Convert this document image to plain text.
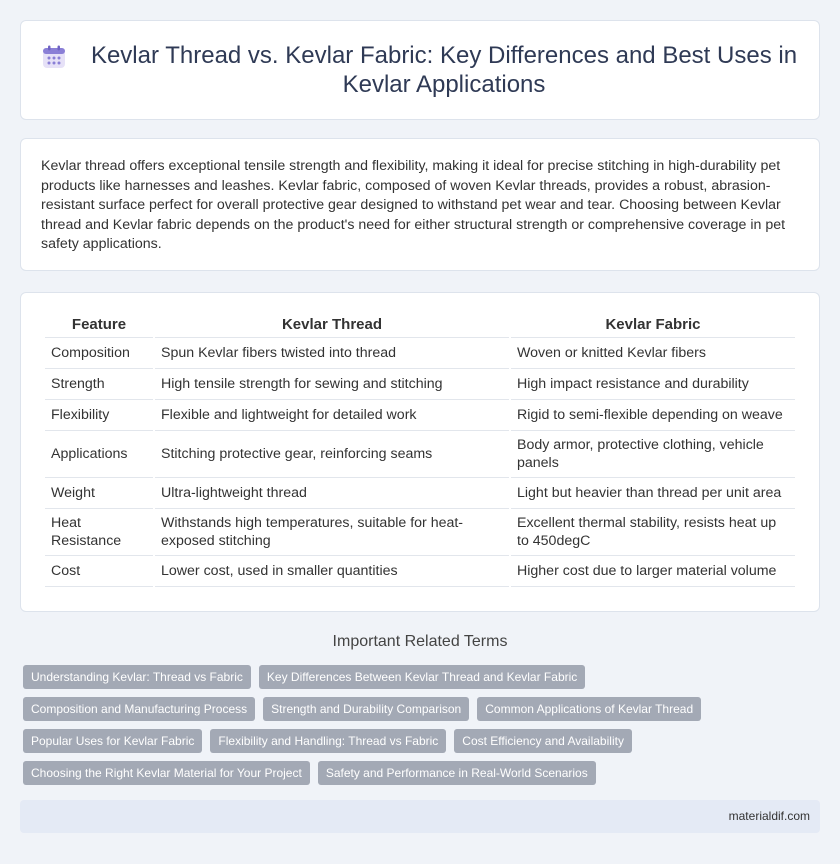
Kevlar Thread vs. Kevlar Fabric: Key Differences and Best Uses in Kevlar Applications

Kevlar thread offers exceptional tensile strength and flexibility, making it ideal for precise stitching in high-durability pet products like harnesses and leashes. Kevlar fabric, composed of woven Kevlar threads, provides a robust, abrasion-resistant surface perfect for overall protective gear designed to withstand pet wear and tear. Choosing between Kevlar thread and Kevlar fabric depends on the product's need for either structural strength or comprehensive coverage in pet safety applications.

Feature	Kevlar Thread	Kevlar Fabric
Composition	Spun Kevlar fibers twisted into thread	Woven or knitted Kevlar fibers
Strength	High tensile strength for sewing and stitching	High impact resistance and durability
Flexibility	Flexible and lightweight for detailed work	Rigid to semi-flexible depending on weave
Applications	Stitching protective gear, reinforcing seams	Body armor, protective clothing, vehicle panels
Weight	Ultra-lightweight thread	Light but heavier than thread per unit area
Heat Resistance	Withstands high temperatures, suitable for heat-exposed stitching	Excellent thermal stability, resists heat up to 450degC
Cost	Lower cost, used in smaller quantities	Higher cost due to larger material volume
Important Related Terms
Understanding Kevlar: Thread vs Fabric	Key Differences Between Kevlar Thread and Kevlar Fabric
Composition and Manufacturing Process	Strength and Durability Comparison	Common Applications of Kevlar Thread
Popular Uses for Kevlar Fabric	Flexibility and Handling: Thread vs Fabric	Cost Efficiency and Availability
Choosing the Right Kevlar Material for Your Project	Safety and Performance in Real-World Scenarios
materialdif.com
